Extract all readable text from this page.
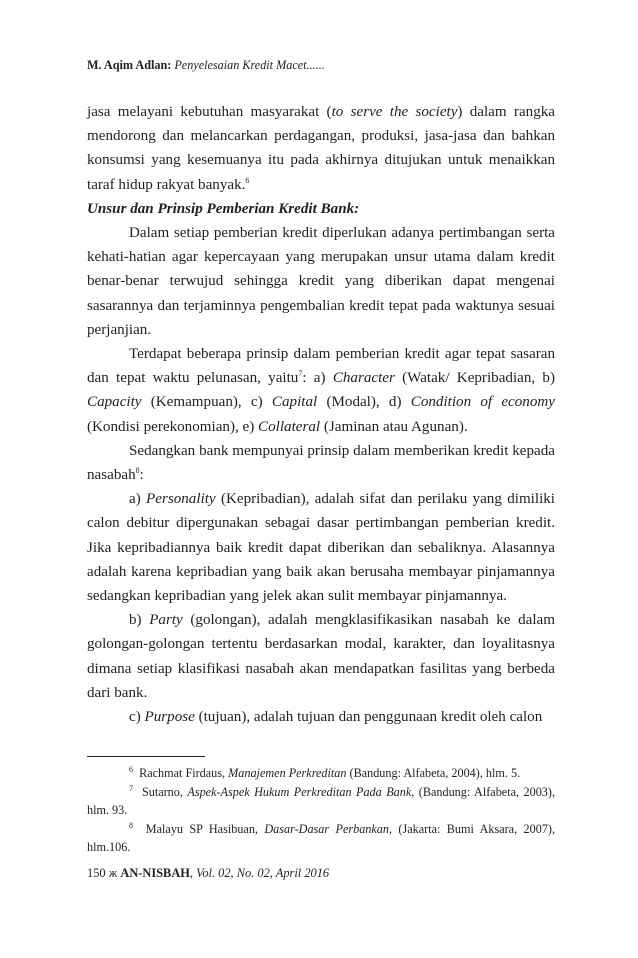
M. Aqim Adlan: Penyelesaian Kredit Macet......

jasa melayani kebutuhan masyarakat (to serve the society) dalam rangka mendorong dan melancarkan perdagangan, produksi, jasa-jasa dan bahkan konsumsi yang kesemuanya itu pada akhirnya ditujukan untuk menaikkan taraf hidup rakyat banyak.$^6$

Unsur dan Prinsip Pemberian Kredit Bank:

Dalam setiap pemberian kredit diperlukan adanya pertimbangan serta kehati-hatian agar kepercayaan yang merupakan unsur utama dalam kredit benar-benar terwujud sehingga kredit yang diberikan dapat mengenai sasarannya dan terjaminnya pengembalian kredit tepat pada waktunya sesuai perjanjian.

Terdapat beberapa prinsip dalam pemberian kredit agar tepat sasaran dan tepat waktu pelunasan, yaitu$^7$: a) Character (Watak/ Kepribadian, b) Capacity (Kemampuan), c) Capital (Modal), d) Condition of economy (Kondisi perekonomian), e) Collateral (Jaminan atau Agunan).

Sedangkan bank mempunyai prinsip dalam memberikan kredit kepada nasabah$^8$:

a) Personality (Kepribadian), adalah sifat dan perilaku yang dimiliki calon debitur dipergunakan sebagai dasar pertimbangan pemberian kredit. Jika kepribadiannya baik kredit dapat diberikan dan sebaliknya. Alasannya adalah karena kepribadian yang baik akan berusaha membayar pinjamannya sedangkan kepribadian yang jelek akan sulit membayar pinjamannya.

b) Party (golongan), adalah mengklasifikasikan nasabah ke dalam golongan-golongan tertentu berdasarkan modal, karakter, dan loyalitasnya dimana setiap klasifikasi nasabah akan mendapatkan fasilitas yang berbeda dari bank.

c) Purpose (tujuan), adalah tujuan dan penggunaan kredit oleh calon

$^6$ Rachmat Firdaus, Manajemen Perkreditan (Bandung: Alfabeta, 2004), hlm. 5.

$^7$ Sutarno, Aspek-Aspek Hukum Perkreditan Pada Bank, (Bandung: Alfabeta, 2003), hlm. 93.

$^8$ Malayu SP Hasibuan, Dasar-Dasar Perbankan, (Jakarta: Bumi Aksara, 2007), hlm.106.

150 ж AN-NISBAH, Vol. 02, No. 02, April 2016
